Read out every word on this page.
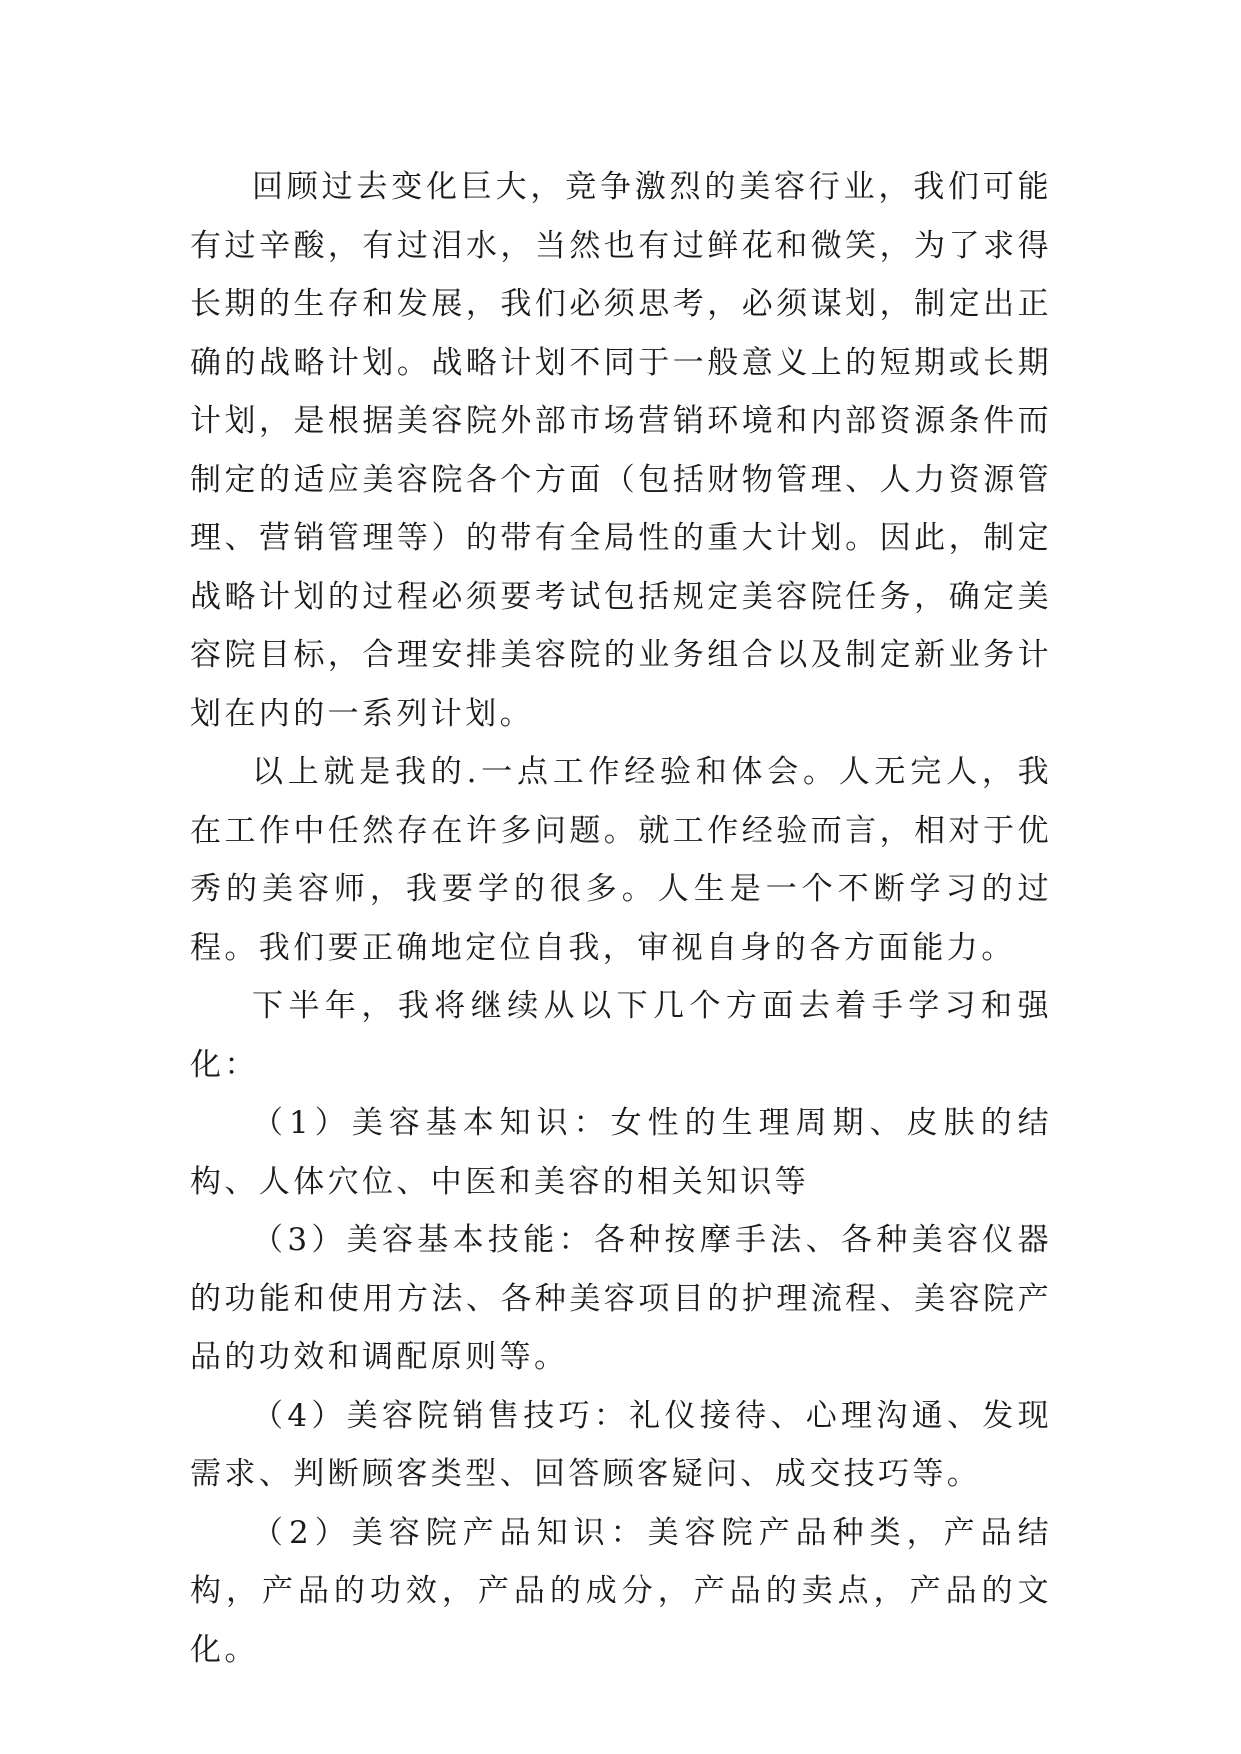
回顾过去变化巨大，竞争激烈的美容行业，我们可能有过辛酸，有过泪水，当然也有过鲜花和微笑，为了求得长期的生存和发展，我们必须思考，必须谋划，制定出正确的战略计划。战略计划不同于一般意义上的短期或长期计划，是根据美容院外部市场营销环境和内部资源条件而制定的适应美容院各个方面（包括财物管理、人力资源管理、营销管理等）的带有全局性的重大计划。因此，制定战略计划的过程必须要考试包括规定美容院任务，确定美容院目标，合理安排美容院的业务组合以及制定新业务计划在内的一系列计划。

以上就是我的.一点工作经验和体会。人无完人，我在工作中任然存在许多问题。就工作经验而言，相对于优秀的美容师，我要学的很多。人生是一个不断学习的过程。我们要正确地定位自我，审视自身的各方面能力。

下半年，我将继续从以下几个方面去着手学习和强化：

（1）美容基本知识：女性的生理周期、皮肤的结构、人体穴位、中医和美容的相关知识等

（3）美容基本技能：各种按摩手法、各种美容仪器的功能和使用方法、各种美容项目的护理流程、美容院产品的功效和调配原则等。

（4）美容院销售技巧：礼仪接待、心理沟通、发现需求、判断顾客类型、回答顾客疑问、成交技巧等。

（2）美容院产品知识：美容院产品种类，产品结构，产品的功效，产品的成分，产品的卖点，产品的文化。
